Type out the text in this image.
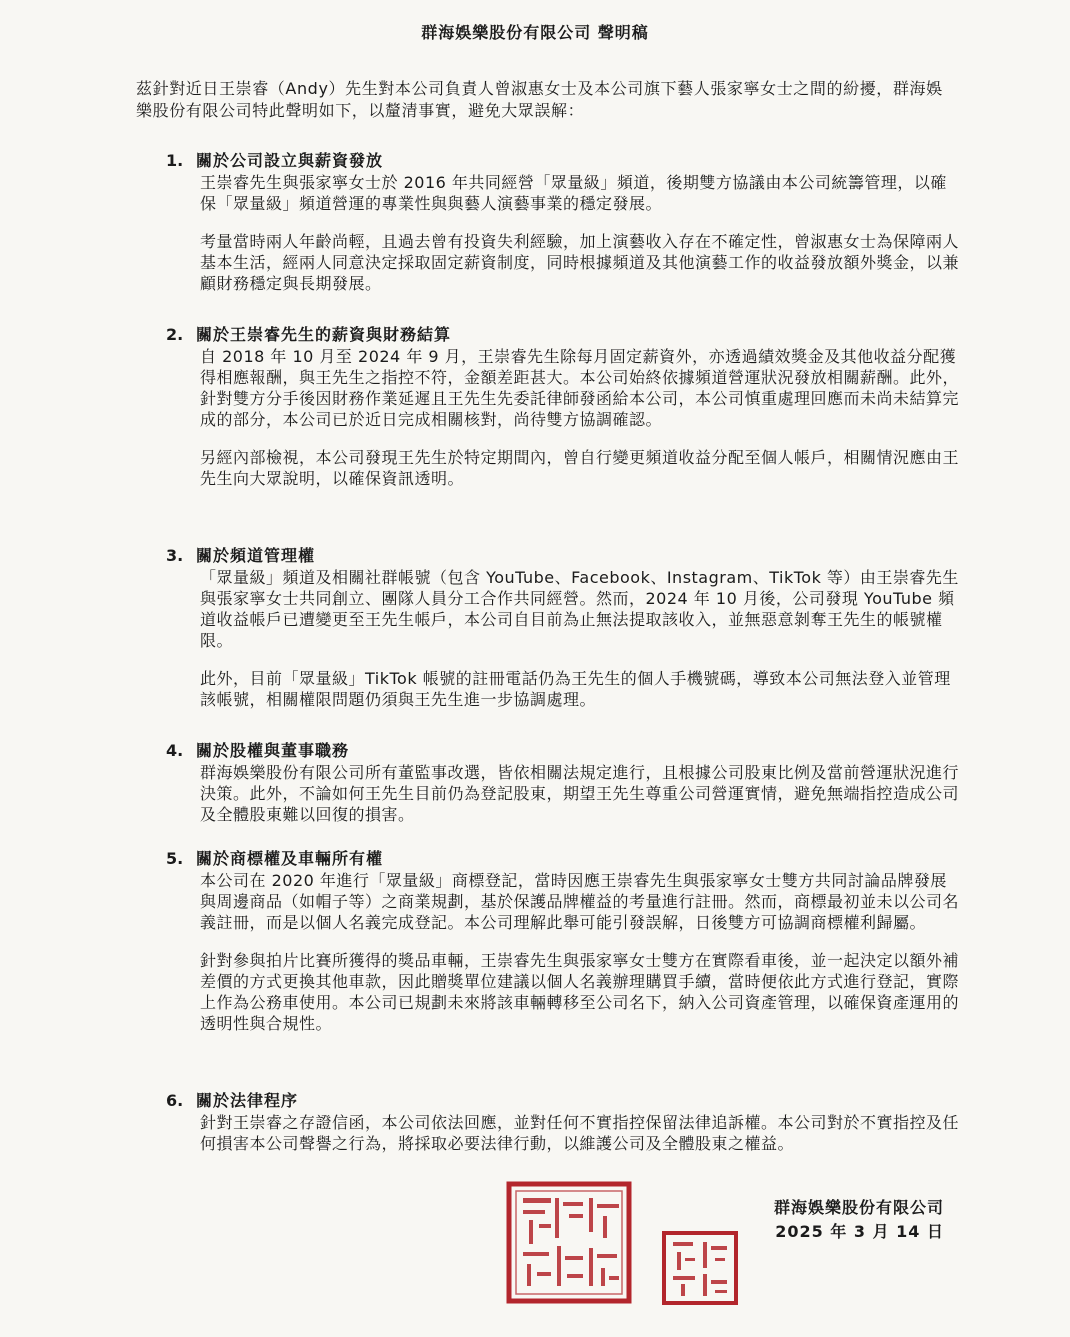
群海娛樂股份有限公司 聲明稿
茲針對近日王崇睿（Andy）先生對本公司負責人曾淑惠女士及本公司旗下藝人張家寧女士之間的紛擾，群海娛樂股份有限公司特此聲明如下，以釐清事實，避免大眾誤解：
1. 關於公司設立與薪資發放
王崇睿先生與張家寧女士於 2016 年共同經營「眾量級」頻道，後期雙方協議由本公司統籌管理，以確保「眾量級」頻道營運的專業性與與藝人演藝事業的穩定發展。
考量當時兩人年齡尚輕，且過去曾有投資失利經驗，加上演藝收入存在不確定性，曾淑惠女士為保障兩人基本生活，經兩人同意決定採取固定薪資制度，同時根據頻道及其他演藝工作的收益發放額外獎金，以兼顧財務穩定與長期發展。
2. 關於王崇睿先生的薪資與財務結算
自 2018 年 10 月至 2024 年 9 月，王崇睿先生除每月固定薪資外，亦透過績效獎金及其他收益分配獲得相應報酬，與王先生之指控不符，金額差距甚大。本公司始終依據頻道營運狀況發放相關薪酬。此外，針對雙方分手後因財務作業延遲且王先生先委託律師發函給本公司，本公司慎重處理回應而未尚未結算完成的部分，本公司已於近日完成相關核對，尚待雙方協調確認。
另經內部檢視，本公司發現王先生於特定期間內，曾自行變更頻道收益分配至個人帳戶，相關情況應由王先生向大眾說明，以確保資訊透明。
3. 關於頻道管理權
「眾量級」頻道及相關社群帳號（包含 YouTube、Facebook、Instagram、TikTok 等）由王崇睿先生與張家寧女士共同創立、團隊人員分工合作共同經營。然而，2024 年 10 月後，公司發現 YouTube 頻道收益帳戶已遭變更至王先生帳戶，本公司自目前為止無法提取該收入，並無惡意剝奪王先生的帳號權限。
此外，目前「眾量級」TikTok 帳號的註冊電話仍為王先生的個人手機號碼，導致本公司無法登入並管理該帳號，相關權限問題仍須與王先生進一步協調處理。
4. 關於股權與董事職務
群海娛樂股份有限公司所有董監事改選，皆依相關法規定進行，且根據公司股東比例及當前營運狀況進行決策。此外，不論如何王先生目前仍為登記股東，期望王先生尊重公司營運實情，避免無端指控造成公司及全體股東難以回復的損害。
5. 關於商標權及車輛所有權
本公司在 2020 年進行「眾量級」商標登記，當時因應王崇睿先生與張家寧女士雙方共同討論品牌發展與周邊商品（如帽子等）之商業規劃，基於保護品牌權益的考量進行註冊。然而，商標最初並未以公司名義註冊，而是以個人名義完成登記。本公司理解此舉可能引發誤解，日後雙方可協調商標權利歸屬。
針對參與拍片比賽所獲得的獎品車輛，王崇睿先生與張家寧女士雙方在實際看車後，並一起決定以額外補差價的方式更換其他車款，因此贈獎單位建議以個人名義辦理購買手續，當時便依此方式進行登記，實際上作為公務車使用。本公司已規劃未來將該車輛轉移至公司名下，納入公司資產管理，以確保資產運用的透明性與合規性。
6. 關於法律程序
針對王崇睿之存證信函，本公司依法回應，並對任何不實指控保留法律追訴權。本公司對於不實指控及任何損害本公司聲譽之行為，將採取必要法律行動，以維護公司及全體股東之權益。
群海娛樂股份有限公司
2025 年 3 月 14 日
